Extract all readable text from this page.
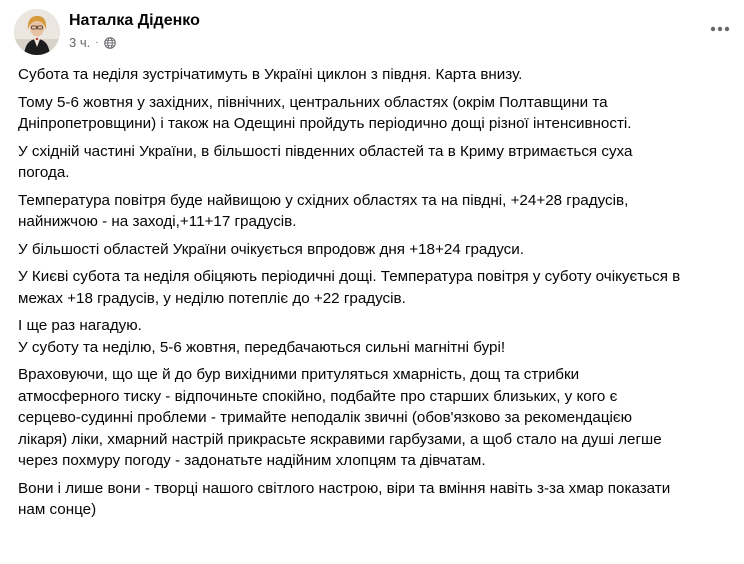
Наталка Діденко
3 ч. ·

Субота та неділя зустрічатимуть в Україні циклон з півдня. Карта внизу.

Тому 5-6 жовтня у західних, північних, центральних областях (окрім Полтавщини та
Дніпропетровщини) і також на Одещині пройдуть періодично дощі різної інтенсивності.

У східній частині України, в більшості південних областей та в Криму втримається суха
погода.

Температура повітря буде найвищою у східних областях та на півдні, +24+28 градусів,
найнижчою - на заході,+11+17 градусів.

У більшості областей України очікується впродовж дня +18+24 градуси.

У Києві субота та неділя обіцяють періодичні дощі. Температура повітря у суботу очікується в
межах +18 градусів, у неділю потепліє до +22 градусів.

І ще раз нагадую.
У суботу та неділю, 5-6 жовтня, передбачаються сильні магнітні бурі!

Враховуючи, що ще й до бур вихідними притуляться хмарність, дощ та стрибки
атмосферного тиску - відпочиньте спокійно, подбайте про старших близьких, у кого є
серцево-судинні проблеми - тримайте неподалік звичні (обов'язково за рекомендацією
лікаря) ліки, хмарний настрій прикрасьте яскравими гарбузами, а щоб стало на душі легше
через похмуру погоду - задонатьте надійним хлопцям та дівчатам.

Вони і лише вони - творці нашого світлого настрою, віри та вміння навіть з-за хмар показати
нам сонце)
